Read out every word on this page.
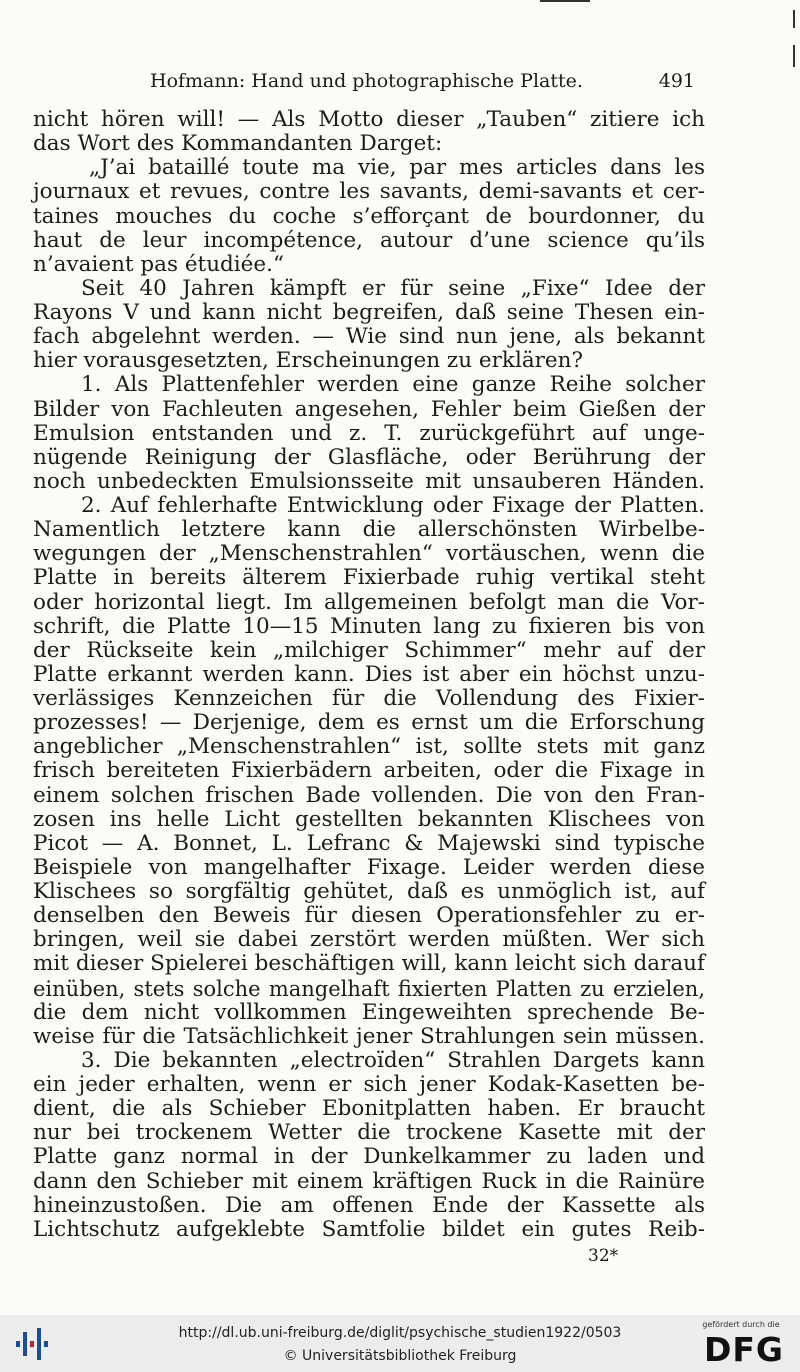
Hofmann: Hand und photographische Platte.	491
nicht hören will! — Als Motto dieser „Tauben“ zitiere ich
das Wort des Kommandanten Darget:
„J’ai bataillé toute ma vie, par mes articles dans les
journaux et revues, contre les savants, demi-savants et cer-
taines mouches du coche s’efforçant de bourdonner, du
haut de leur incompétence, autour d’une science qu’ils
n’avaient pas étudiée.“
Seit 40 Jahren kämpft er für seine „Fixe“ Idee der
Rayons V und kann nicht begreifen, daß seine Thesen ein-
fach abgelehnt werden. — Wie sind nun jene, als bekannt
hier vorausgesetzten, Erscheinungen zu erklären?
1. Als Plattenfehler werden eine ganze Reihe solcher
Bilder von Fachleuten angesehen, Fehler beim Gießen der
Emulsion entstanden und z. T. zurückgeführt auf unge-
nügende Reinigung der Glasfläche, oder Berührung der
noch unbedeckten Emulsionsseite mit unsauberen Händen.
2. Auf fehlerhafte Entwicklung oder Fixage der Platten.
Namentlich letztere kann die allerschönsten Wirbelbe-
wegungen der „Menschenstrahlen“ vortäuschen, wenn die
Platte in bereits älterem Fixierbade ruhig vertikal steht
oder horizontal liegt. Im allgemeinen befolgt man die Vor-
schrift, die Platte 10—15 Minuten lang zu fixieren bis von
der Rückseite kein „milchiger Schimmer“ mehr auf der
Platte erkannt werden kann. Dies ist aber ein höchst unzu-
verlässiges Kennzeichen für die Vollendung des Fixier-
prozesses! — Derjenige, dem es ernst um die Erforschung
angeblicher „Menschenstrahlen“ ist, sollte stets mit ganz
frisch bereiteten Fixierbädern arbeiten, oder die Fixage in
einem solchen frischen Bade vollenden. Die von den Fran-
zosen ins helle Licht gestellten bekannten Klischees von
Picot — A. Bonnet, L. Lefranc & Majewski sind typische
Beispiele von mangelhafter Fixage. Leider werden diese
Klischees so sorgfältig gehütet, daß es unmöglich ist, auf
denselben den Beweis für diesen Operationsfehler zu er-
bringen, weil sie dabei zerstört werden müßten. Wer sich
mit dieser Spielerei beschäftigen will, kann leicht sich darauf
einüben, stets solche mangelhaft fixierten Platten zu erzielen,
die dem nicht vollkommen Eingeweihten sprechende Be-
weise für die Tatsächlichkeit jener Strahlungen sein müssen.
3. Die bekannten „electroïden“ Strahlen Dargets kann
ein jeder erhalten, wenn er sich jener Kodak-Kasetten be-
dient, die als Schieber Ebonitplatten haben. Er braucht
nur bei trockenem Wetter die trockene Kasette mit der
Platte ganz normal in der Dunkelkammer zu laden und
dann den Schieber mit einem kräftigen Ruck in die Rainüre
hineinzustoßen. Die am offenen Ende der Kassette als
Lichtschutz aufgeklebte Samtfolie bildet ein gutes Reib-
32*
http://dl.ub.uni-freiburg.de/diglit/psychische_studien1922/0503
© Universitätsbibliothek Freiburg
gefördert durch die
DFG
